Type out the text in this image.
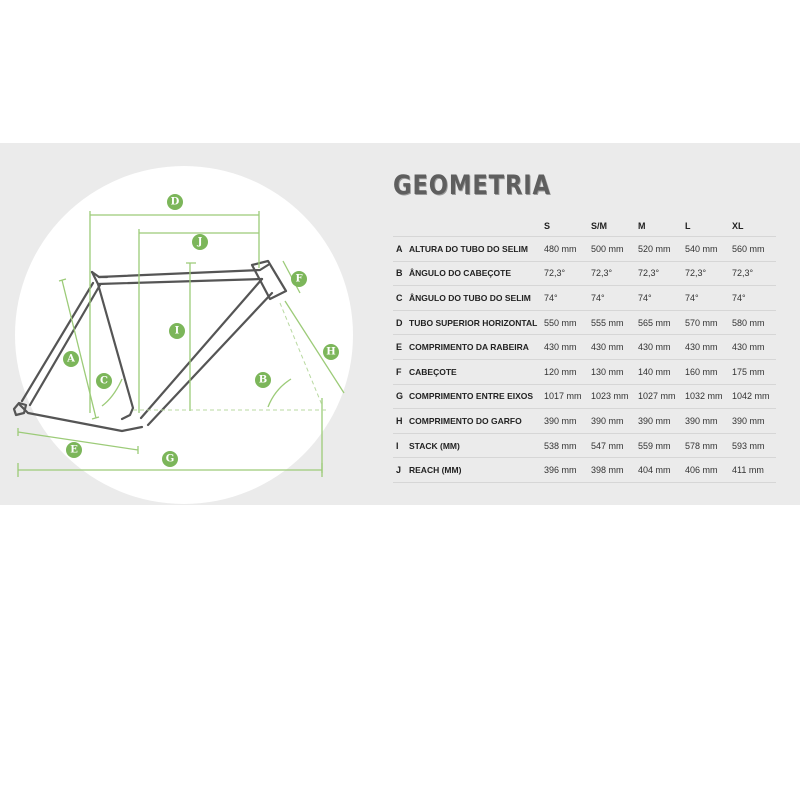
A
B
C
D
E
F
G
H
I
J
GEOMETRIA
		S	S/M	M	L	XL
A	ALTURA DO TUBO DO SELIM	480 mm	500 mm	520 mm	540 mm	560 mm
B	ÂNGULO DO CABEÇOTE	72,3°	72,3°	72,3°	72,3°	72,3°
C	ÂNGULO DO TUBO DO SELIM	74°	74°	74°	74°	74°
D	TUBO SUPERIOR HORIZONTAL	550 mm	555 mm	565 mm	570 mm	580 mm
E	COMPRIMENTO DA RABEIRA	430 mm	430 mm	430 mm	430 mm	430 mm
F	CABEÇOTE	120 mm	130 mm	140 mm	160 mm	175 mm
G	COMPRIMENTO ENTRE EIXOS	1017 mm	1023 mm	1027 mm	1032 mm	1042 mm
H	COMPRIMENTO DO GARFO	390 mm	390 mm	390 mm	390 mm	390 mm
I	STACK (MM)	538 mm	547 mm	559 mm	578 mm	593 mm
J	REACH (MM)	396 mm	398 mm	404 mm	406 mm	411 mm
